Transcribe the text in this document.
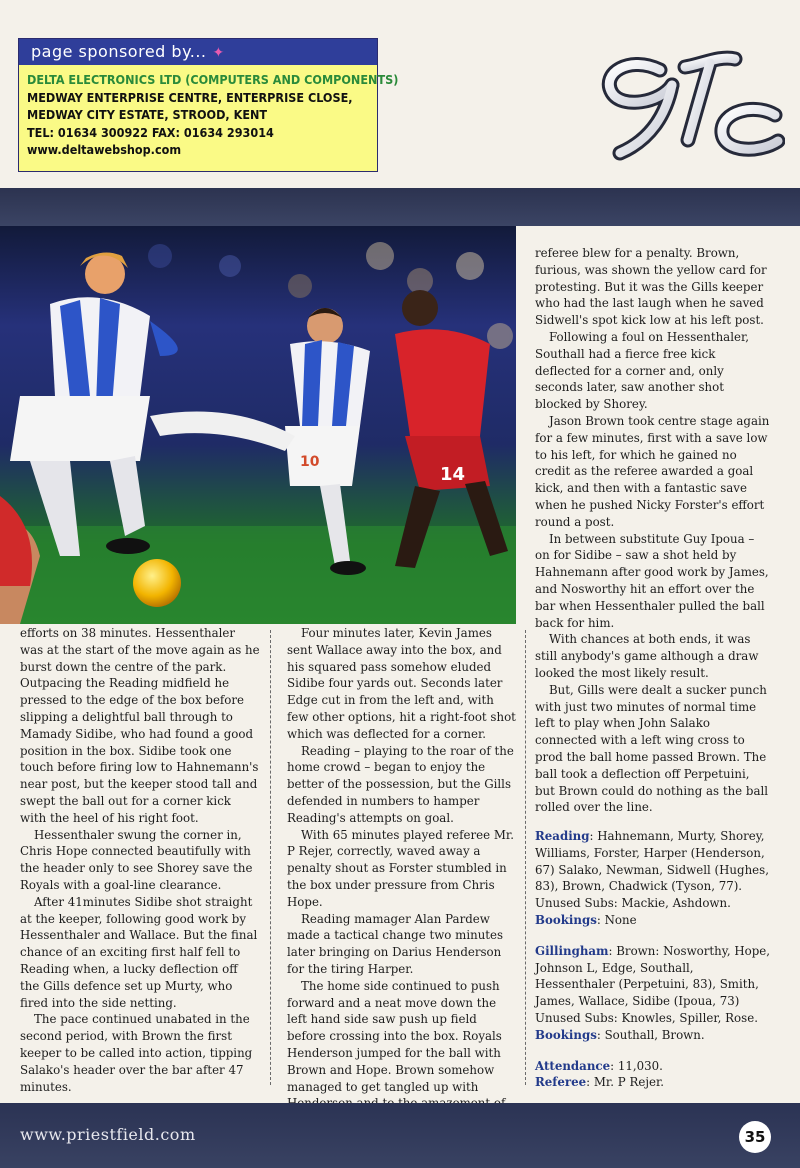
page sponsored by... ✦
DELTA ELECTRONICS LTD (COMPUTERS AND COMPONENTS)
MEDWAY ENTERPRISE CENTRE, ENTERPRISE CLOSE,
MEDWAY CITY ESTATE, STROOD, KENT
TEL: 01634 300922 FAX: 01634 293014
www.deltawebshop.com
14
10

efforts on 38 minutes. Hessenthaler was at the start of the move again as he burst down the centre of the park. Outpacing the Reading midfield he pressed to the edge of the box before slipping a delightful ball through to Mamady Sidibe, who had found a good position in the box. Sidibe took one touch before firing low to Hahnemann's near post, but the keeper stood tall and swept the ball out for a corner kick with the heel of his right foot.

Hessenthaler swung the corner in, Chris Hope connected beautifully with the header only to see Shorey save the Royals with a goal-line clearance.

After 41minutes Sidibe shot straight at the keeper, following good work by Hessenthaler and Wallace. But the final chance of an exciting first half fell to Reading when, a lucky deflection off the Gills defence set up Murty, who fired into the side netting.

The pace continued unabated in the second period, with Brown the first keeper to be called into action, tipping Salako's header over the bar after 47 minutes.

Four minutes later, Kevin James sent Wallace away into the box, and his squared pass somehow eluded Sidibe four yards out. Seconds later Edge cut in from the left and, with few other options, hit a right-foot shot which was deflected for a corner.

Reading – playing to the roar of the home crowd – began to enjoy the better of the possession, but the Gills defended in numbers to hamper Reading's attempts on goal.

With 65 minutes played referee Mr. P Rejer, correctly, waved away a penalty shout as Forster stumbled in the box under pressure from Chris Hope.

Reading mamager Alan Pardew made a tactical change two minutes later bringing on Darius Henderson for the tiring Harper.

The home side continued to push forward and a neat move down the left hand side saw push up field before crossing into the box. Royals Henderson jumped for the ball with Brown and Hope. Brown somehow managed to get tangled up with

referee blew for a penalty. Brown, furious, was shown the yellow card for protesting. But it was the Gills keeper who had the last laugh when he saved Sidwell's spot kick low at his left post.

Following a foul on Hessenthaler, Southall had a fierce free kick deflected for a corner and, only seconds later, saw another shot blocked by Shorey.

Jason Brown took centre stage again for a few minutes, first with a save low to his left, for which he gained no credit as the referee awarded a goal kick, and then with a fantastic save when he pushed Nicky Forster's effort round a post.

In between substitute Guy Ipoua – on for Sidibe – saw a shot held by Hahnemann after good work by James, and Nosworthy hit an effort over the bar when Hessenthaler pulled the ball back for him.

With chances at both ends, it was still anybody's game although a draw looked the most likely result.

But, Gills were dealt a sucker punch with just two minutes of normal time left to play when John Salako connected with a left wing cross to prod the ball home passed Brown. The ball took a deflection off Perpetuini, but Brown could do nothing as the ball rolled over the line.

Reading: Hahnemann, Murty, Shorey, Williams, Forster, Harper (Henderson, 67) Salako, Newman, Sidwell (Hughes, 83), Brown, Chadwick (Tyson, 77). Unused Subs: Mackie, Ashdown.

Bookings: None

Gillingham: Brown: Nosworthy, Hope, Johnson L, Edge, Southall, Hessenthaler (Perpetuini, 83), Smith, James, Wallace, Sidibe (Ipoua, 73) Unused Subs: Knowles, Spiller, Rose.

Bookings: Southall, Brown.

Attendance: 11,030.

Referee: Mr. P Rejer.

www.priestfield.com	35
